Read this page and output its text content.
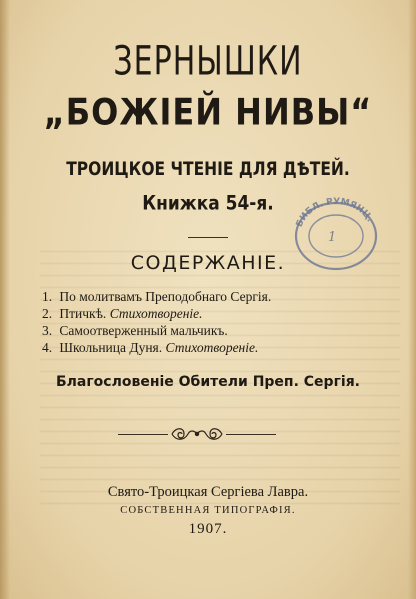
ЗЕРНЫШКИ
„БОЖІЕЙ НИВЫ“
ТРОИЦКОЕ ЧТЕНІЕ ДЛЯ ДѢТЕЙ.
Книжка 54-я.
СОДЕРЖАНІЕ.
1. По молитвамъ Преподобнаго Сергія.
2. Птичкѣ. Стихотвореніе.
3. Самоотверженный мальчикъ.
4. Школьница Дуня. Стихотвореніе.
Благословеніе Обители Преп. Сергія.
Свято-Троицкая Сергіева Лавра.
СОБСТВЕННАЯ ТИПОГРАФІЯ.
1907.
БИБЛ. РУМЯНЦ.
1
